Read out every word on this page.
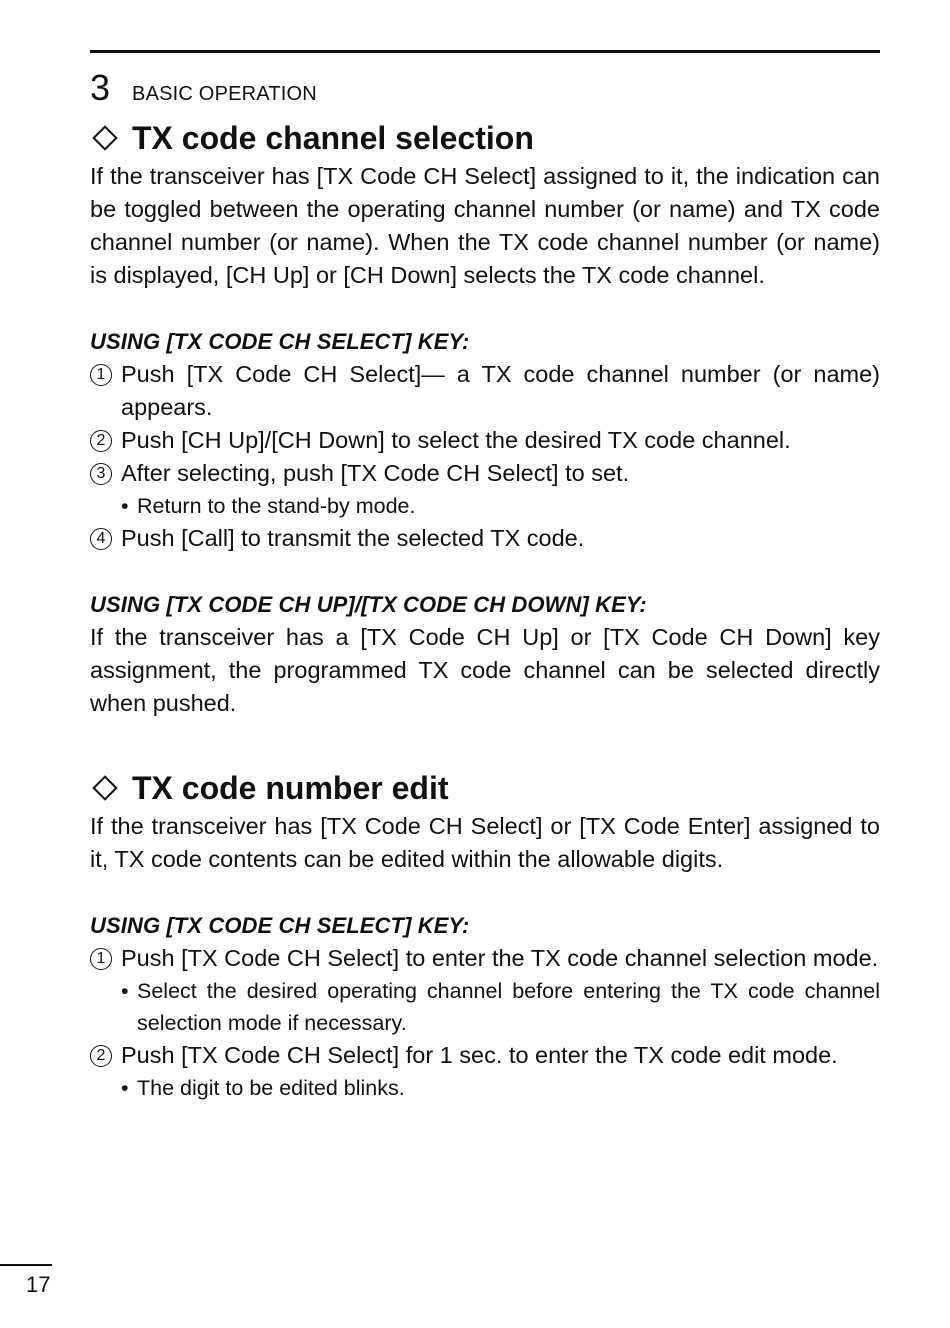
3 BASIC OPERATION
TX code channel selection

If the transceiver has [TX Code CH Select] assigned to it, the indication can be toggled between the operating channel number (or name) and TX code channel number (or name). When the TX code channel number (or name) is displayed, [CH Up] or [CH Down] selects the TX code channel.

USING [TX CODE CH SELECT] KEY:

1 Push [TX Code CH Select]— a TX code channel number (or name) appears.
2 Push [CH Up]/[CH Down] to select the desired TX code channel.
3 After selecting, push [TX Code CH Select] to set.
• Return to the stand-by mode.
4 Push [Call] to transmit the selected TX code.

USING [TX CODE CH UP]/[TX CODE CH DOWN] KEY:

If the transceiver has a [TX Code CH Up] or [TX Code CH Down] key assignment, the programmed TX code channel can be selected directly when pushed.

TX code number edit

If the transceiver has [TX Code CH Select] or [TX Code Enter] assigned to it, TX code contents can be edited within the allowable digits.

USING [TX CODE CH SELECT] KEY:

1 Push [TX Code CH Select] to enter the TX code channel selection mode.
• Select the desired operating channel before entering the TX code channel selection mode if necessary.
2 Push [TX Code CH Select] for 1 sec. to enter the TX code edit mode.
• The digit to be edited blinks.
17
